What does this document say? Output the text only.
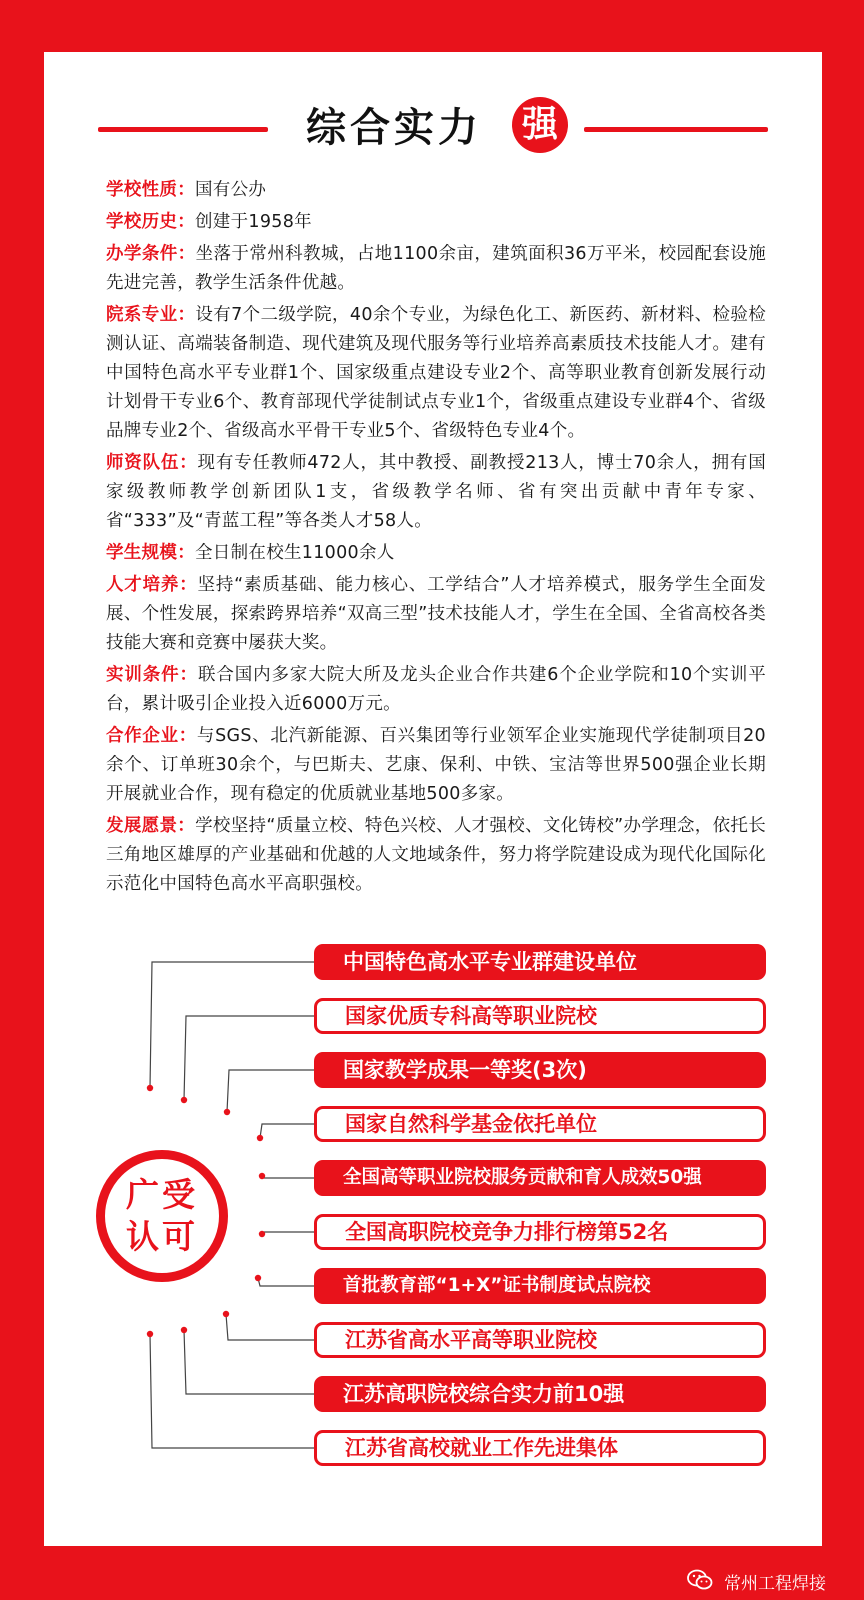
综合实力 强

学校性质：国有公办

学校历史：创建于1958年

办学条件：坐落于常州科教城，占地1100余亩，建筑面积36万平米，校园配套设施先进完善，教学生活条件优越。

院系专业：设有7个二级学院，40余个专业，为绿色化工、新医药、新材料、检验检测认证、高端装备制造、现代建筑及现代服务等行业培养高素质技术技能人才。建有中国特色高水平专业群1个、国家级重点建设专业2个、高等职业教育创新发展行动计划骨干专业6个、教育部现代学徒制试点专业1个，省级重点建设专业群4个、省级品牌专业2个、省级高水平骨干专业5个、省级特色专业4个。

师资队伍：现有专任教师472人，其中教授、副教授213人，博士70余人，拥有国家级教师教学创新团队1支，省级教学名师、省有突出贡献中青年专家、省“333”及“青蓝工程”等各类人才58人。

学生规模：全日制在校生11000余人

人才培养：坚持“素质基础、能力核心、工学结合”人才培养模式，服务学生全面发展、个性发展，探索跨界培养“双高三型”技术技能人才，学生在全国、全省高校各类技能大赛和竞赛中屡获大奖。

实训条件：联合国内多家大院大所及龙头企业合作共建6个企业学院和10个实训平台，累计吸引企业投入近6000万元。

合作企业：与SGS、北汽新能源、百兴集团等行业领军企业实施现代学徒制项目20余个、订单班30余个，与巴斯夫、艺康、保利、中铁、宝洁等世界500强企业长期开展就业合作，现有稳定的优质就业基地500多家。

发展愿景：学校坚持“质量立校、特色兴校、人才强校、文化铸校”办学理念，依托长三角地区雄厚的产业基础和优越的人文地域条件，努力将学院建设成为现代化国际化示范化中国特色高水平高职强校。

广受
认可
中国特色高水平专业群建设单位
国家优质专科高等职业院校
国家教学成果一等奖(3次)
国家自然科学基金依托单位
全国高等职业院校服务贡献和育人成效50强
全国高职院校竞争力排行榜第52名
首批教育部“1+X”证书制度试点院校
江苏省高水平高等职业院校
江苏高职院校综合实力前10强
江苏省高校就业工作先进集体
常州工程焊接
